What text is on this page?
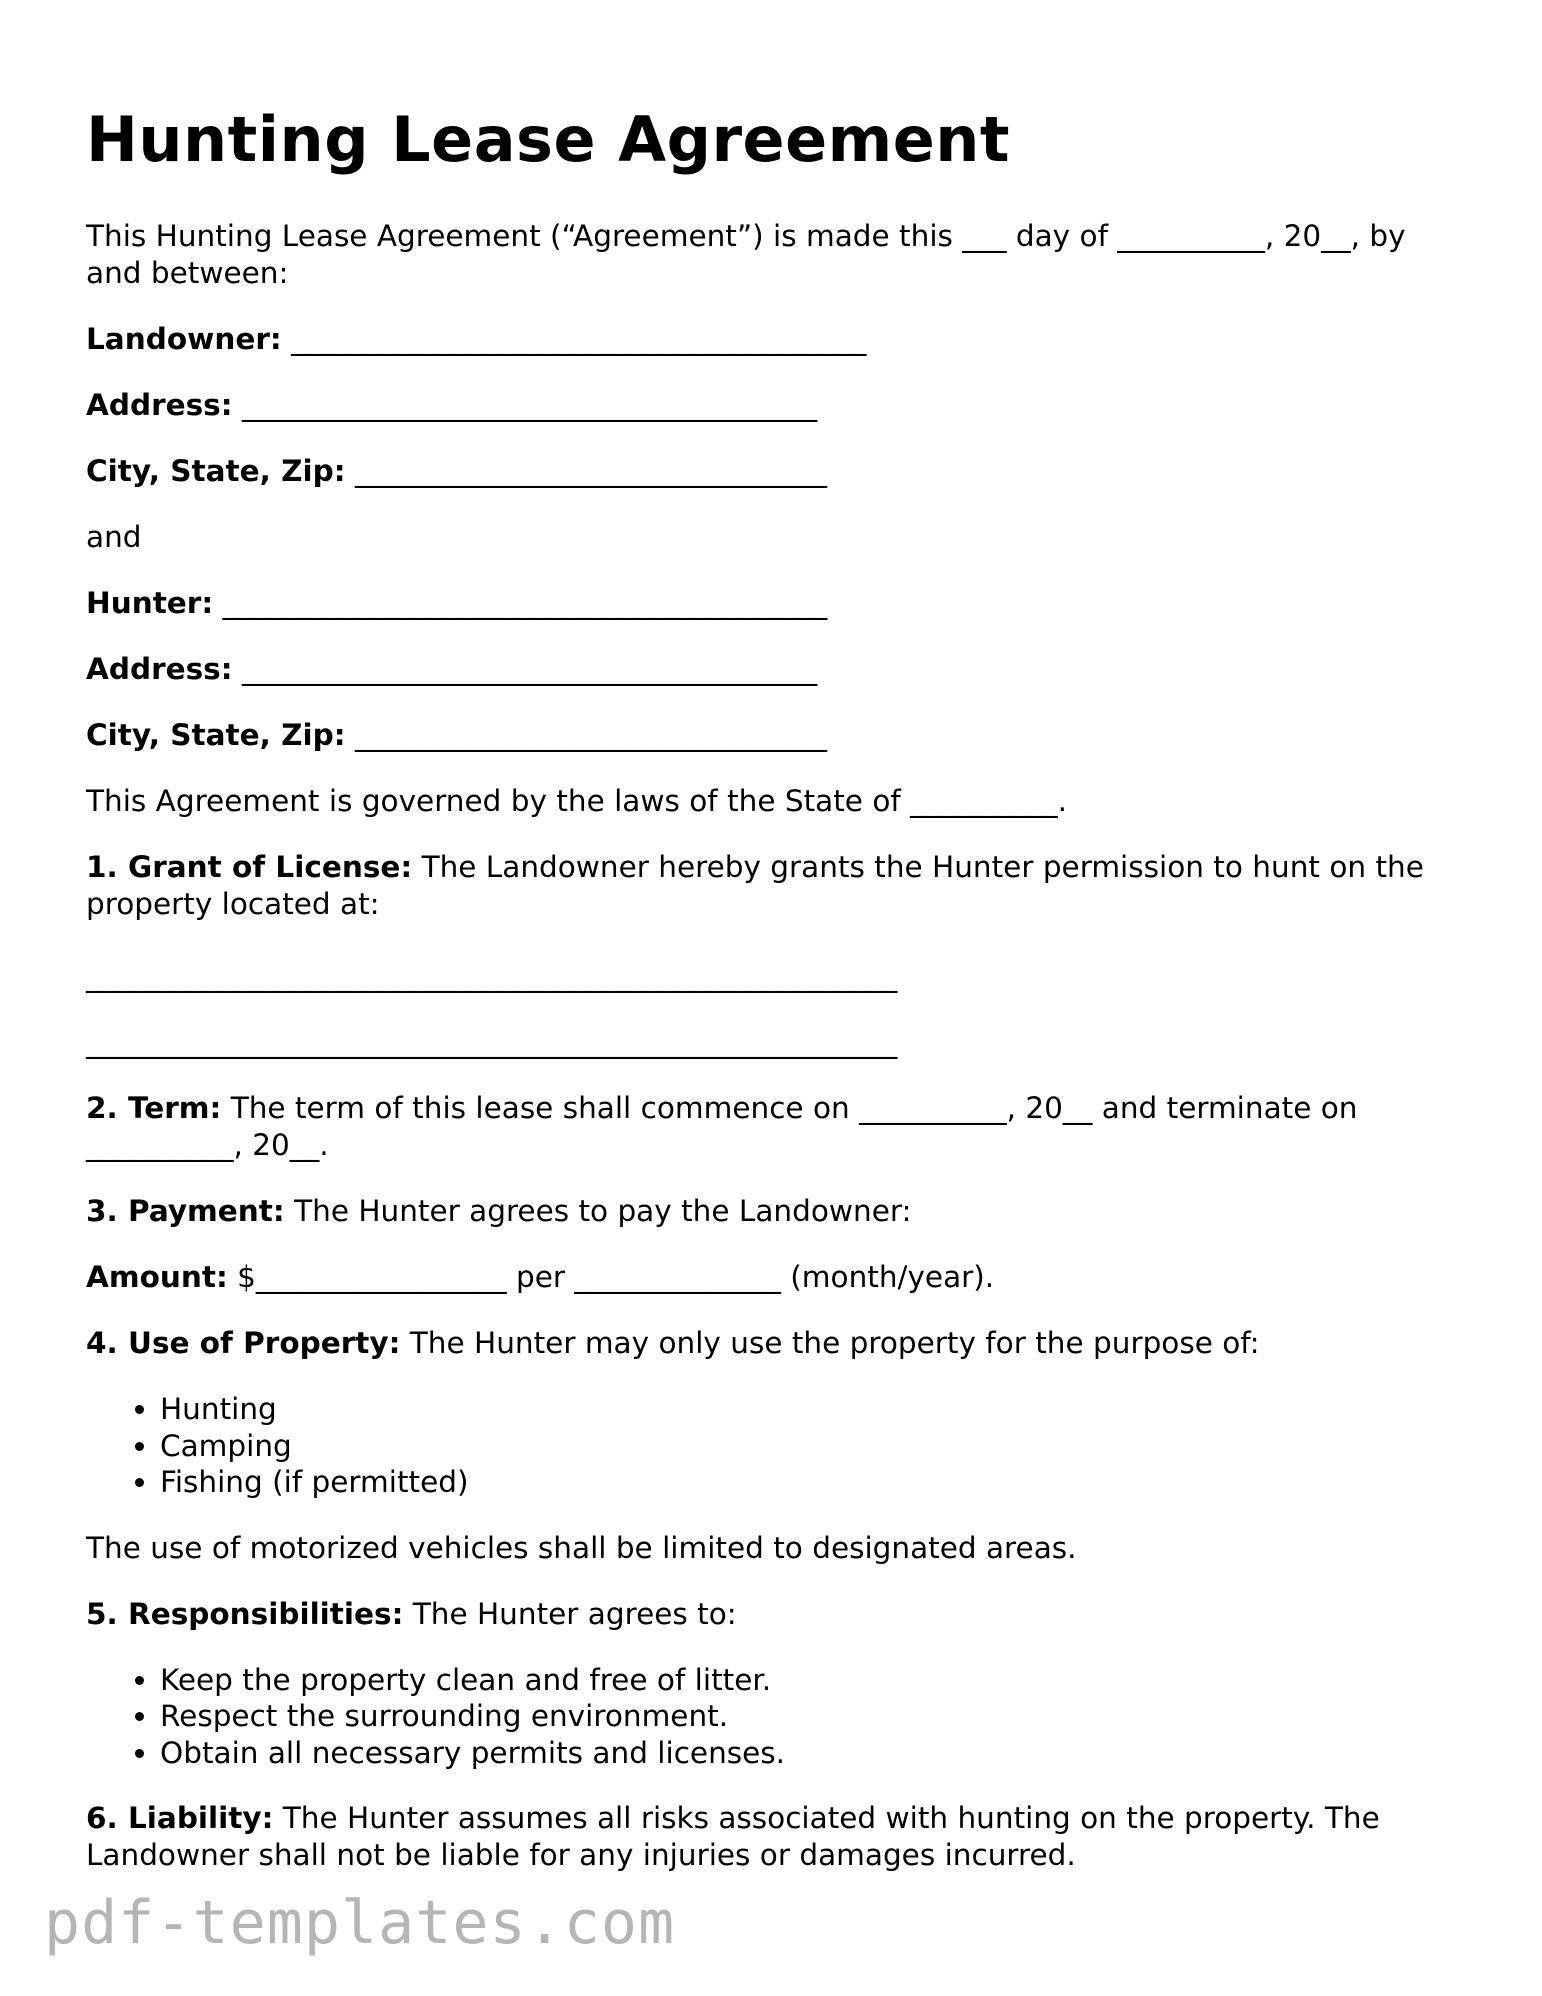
Hunting Lease Agreement

This Hunting Lease Agreement (“Agreement”) is made this ___ day of __________, 20__, by and between:

Landowner: _______________________________________

Address: _______________________________________

City, State, Zip: ________________________________

and

Hunter: _________________________________________

Address: _______________________________________

City, State, Zip: ________________________________

This Agreement is governed by the laws of the State of __________.

1. Grant of License: The Landowner hereby grants the Hunter permission to hunt on the property located at:

_______________________________________________________

_______________________________________________________

2. Term: The term of this lease shall commence on __________, 20__ and terminate on __________, 20__.

3. Payment: The Hunter agrees to pay the Landowner:

Amount: $_________________ per ______________ (month/year).

4. Use of Property: The Hunter may only use the property for the purpose of:

• Hunting
• Camping
• Fishing (if permitted)

The use of motorized vehicles shall be limited to designated areas.

5. Responsibilities: The Hunter agrees to:

• Keep the property clean and free of litter.
• Respect the surrounding environment.
• Obtain all necessary permits and licenses.

6. Liability: The Hunter assumes all risks associated with hunting on the property. The Landowner shall not be liable for any injuries or damages incurred.

pdf-templates.com
